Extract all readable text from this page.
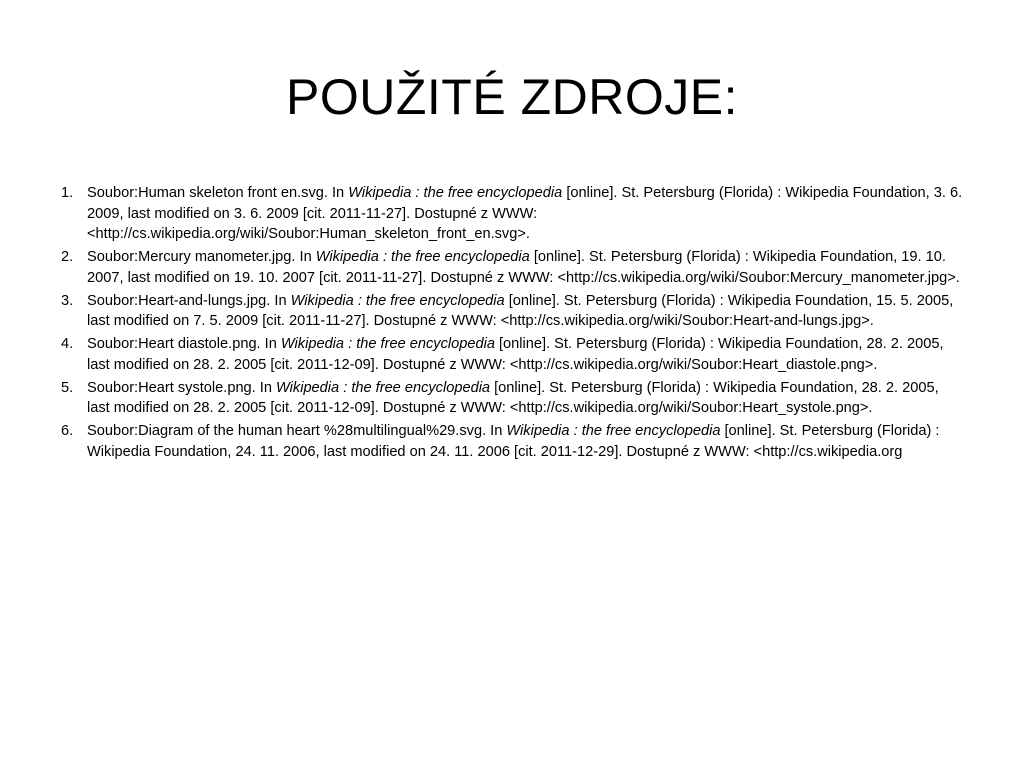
POUŽITÉ ZDROJE:
1. Soubor:Human skeleton front en.svg. In Wikipedia : the free encyclopedia [online]. St. Petersburg (Florida) : Wikipedia Foundation, 3. 6. 2009, last modified on 3. 6. 2009 [cit. 2011-11-27]. Dostupné z WWW: <http://cs.wikipedia.org/wiki/Soubor:Human_skeleton_front_en.svg>.
2. Soubor:Mercury manometer.jpg. In Wikipedia : the free encyclopedia [online]. St. Petersburg (Florida) : Wikipedia Foundation, 19. 10. 2007, last modified on 19. 10. 2007 [cit. 2011-11-27]. Dostupné z WWW: <http://cs.wikipedia.org/wiki/Soubor:Mercury_manometer.jpg>.
3. Soubor:Heart-and-lungs.jpg. In Wikipedia : the free encyclopedia [online]. St. Petersburg (Florida) : Wikipedia Foundation, 15. 5. 2005, last modified on 7. 5. 2009 [cit. 2011-11-27]. Dostupné z WWW: <http://cs.wikipedia.org/wiki/Soubor:Heart-and-lungs.jpg>.
4. Soubor:Heart diastole.png. In Wikipedia : the free encyclopedia [online]. St. Petersburg (Florida) : Wikipedia Foundation, 28. 2. 2005, last modified on 28. 2. 2005 [cit. 2011-12-09]. Dostupné z WWW: <http://cs.wikipedia.org/wiki/Soubor:Heart_diastole.png>.
5. Soubor:Heart systole.png. In Wikipedia : the free encyclopedia [online]. St. Petersburg (Florida) : Wikipedia Foundation, 28. 2. 2005, last modified on 28. 2. 2005 [cit. 2011-12-09]. Dostupné z WWW: <http://cs.wikipedia.org/wiki/Soubor:Heart_systole.png>.
6. Soubor:Diagram of the human heart %28multilingual%29.svg. In Wikipedia : the free encyclopedia [online]. St. Petersburg (Florida) : Wikipedia Foundation, 24. 11. 2006, last modified on 24. 11. 2006 [cit. 2011-12-29]. Dostupné z WWW: <http://cs.wikipedia.org
